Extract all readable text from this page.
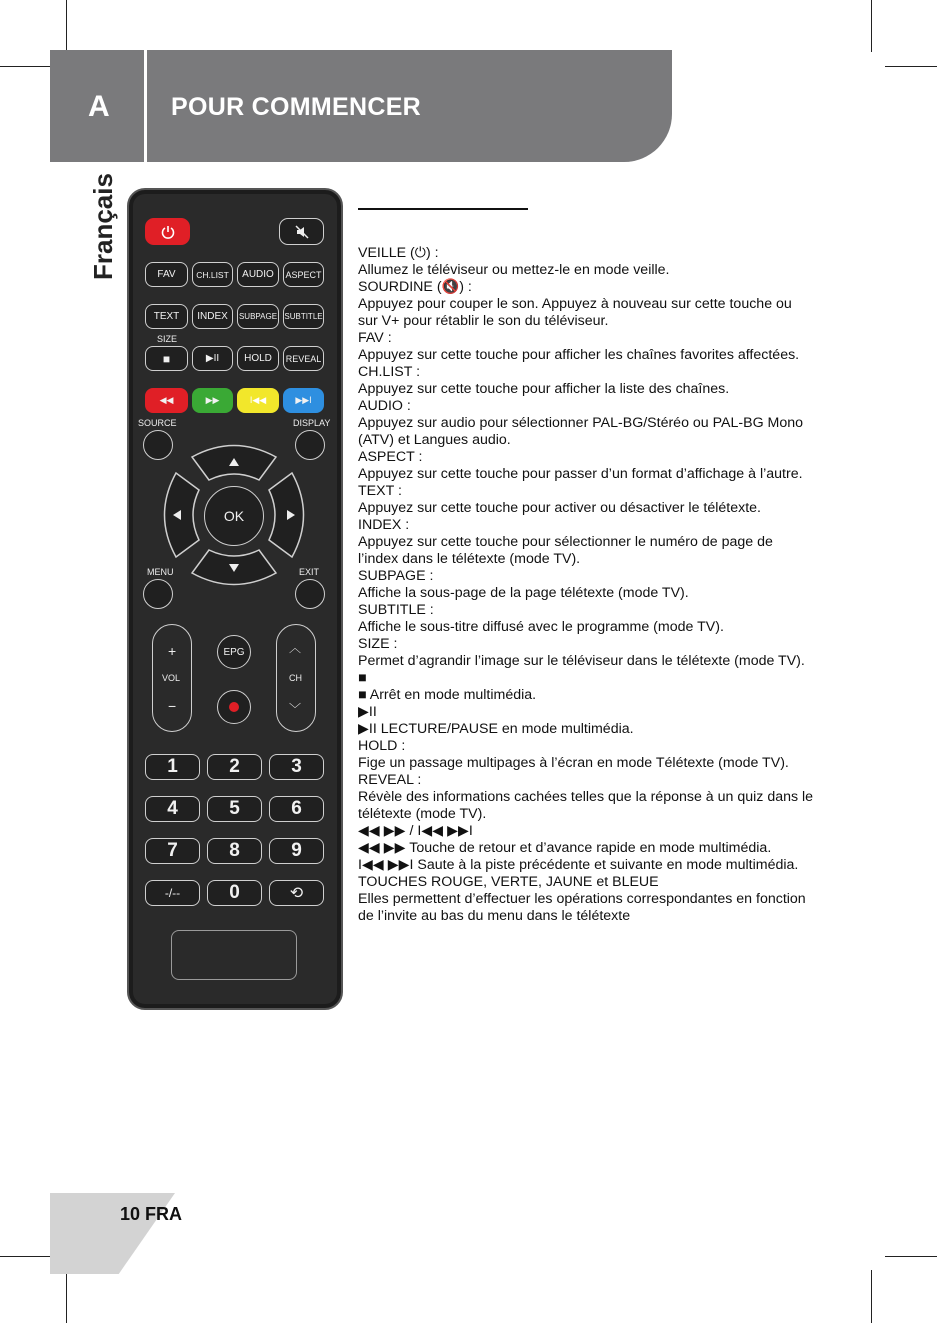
A POUR COMMENCER
Français	FAV	CH.LIST	AUDIO	ASPECT
TEXT	INDEX	SUBPAGE SUBTITLE
SIZE
■	▶II	HOLD	REVEAL
◀◀	▶▶	I◀◀	▶▶I
SOURCE	DISPLAY
OK
MENU	EXIT
+
VOL
−
EPG	︿
CH
﹀
1	2	3
4	5	6
7	8	9
-/--	0	⟲
VEILLE (⏻) :
Allumez le téléviseur ou mettez-le en mode veille.
SOURDINE (🔇) :
Appuyez pour couper le son. Appuyez à nouveau sur cette touche ou
sur V+ pour rétablir le son du téléviseur.
FAV :
Appuyez sur cette touche pour afficher les chaînes favorites affectées.
CH.LIST :
Appuyez sur cette touche pour afficher la liste des chaînes.
AUDIO :
Appuyez sur audio pour sélectionner PAL-BG/Stéréo ou PAL-BG Mono
(ATV) et Langues audio.
ASPECT :
Appuyez sur cette touche pour passer d’un format d’affichage à l’autre.
TEXT :
Appuyez sur cette touche pour activer ou désactiver le télétexte.
INDEX :
Appuyez sur cette touche pour sélectionner le numéro de page de
l’index dans le télétexte (mode TV).
SUBPAGE :
Affiche la sous-page de la page télétexte (mode TV).
SUBTITLE :
Affiche le sous-titre diffusé avec le programme (mode TV).
SIZE :
Permet d’agrandir l’image sur le téléviseur dans le télétexte (mode TV).
■
■ Arrêt en mode multimédia.
▶II
▶II LECTURE/PAUSE en mode multimédia.
HOLD :
Fige un passage multipages à l’écran en mode Télétexte (mode TV).
REVEAL :
Révèle des informations cachées telles que la réponse à un quiz dans le
télétexte (mode TV).
◀◀ ▶▶ / I◀◀ ▶▶I
◀◀ ▶▶ Touche de retour et d’avance rapide en mode multimédia.
I◀◀ ▶▶I Saute à la piste précédente et suivante en mode multimédia.
TOUCHES ROUGE, VERTE, JAUNE et BLEUE
Elles permettent d’effectuer les opérations correspondantes en fonction
de l’invite au bas du menu dans le télétexte
10 FRA
